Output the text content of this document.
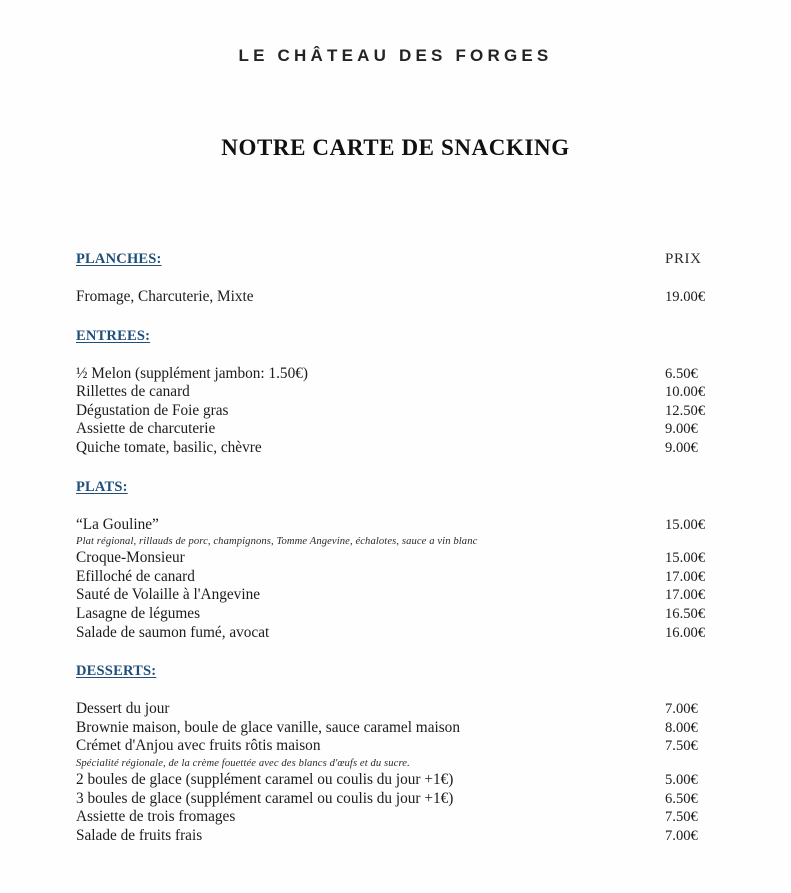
LE CHÂTEAU DES FORGES
NOTRE CARTE DE SNACKING
PLANCHES:	PRIX
Fromage, Charcuterie, Mixte	19.00€
ENTREES:
½ Melon (supplément jambon: 1.50€)	6.50€
Rillettes de canard	10.00€
Dégustation de Foie gras	12.50€
Assiette de charcuterie	9.00€
Quiche tomate, basilic, chèvre	9.00€
PLATS:
“La Gouline”	15.00€
Plat régional, rillauds de porc, champignons, Tomme Angevine, échalotes, sauce a vin blanc
Croque-Monsieur	15.00€
Efilloché de canard	17.00€
Sauté de Volaille à l'Angevine	17.00€
Lasagne de légumes	16.50€
Salade de saumon fumé, avocat	16.00€
DESSERTS:
Dessert du jour	7.00€
Brownie maison, boule de glace vanille, sauce caramel maison	8.00€
Crémet d'Anjou avec fruits rôtis maison	7.50€
Spécialité régionale, de la crème fouettée avec des blancs d'œufs et du sucre.
2 boules de glace (supplément caramel ou coulis du jour +1€)	5.00€
3 boules de glace (supplément caramel ou coulis du jour +1€)	6.50€
Assiette de trois fromages	7.50€
Salade de fruits frais	7.00€
